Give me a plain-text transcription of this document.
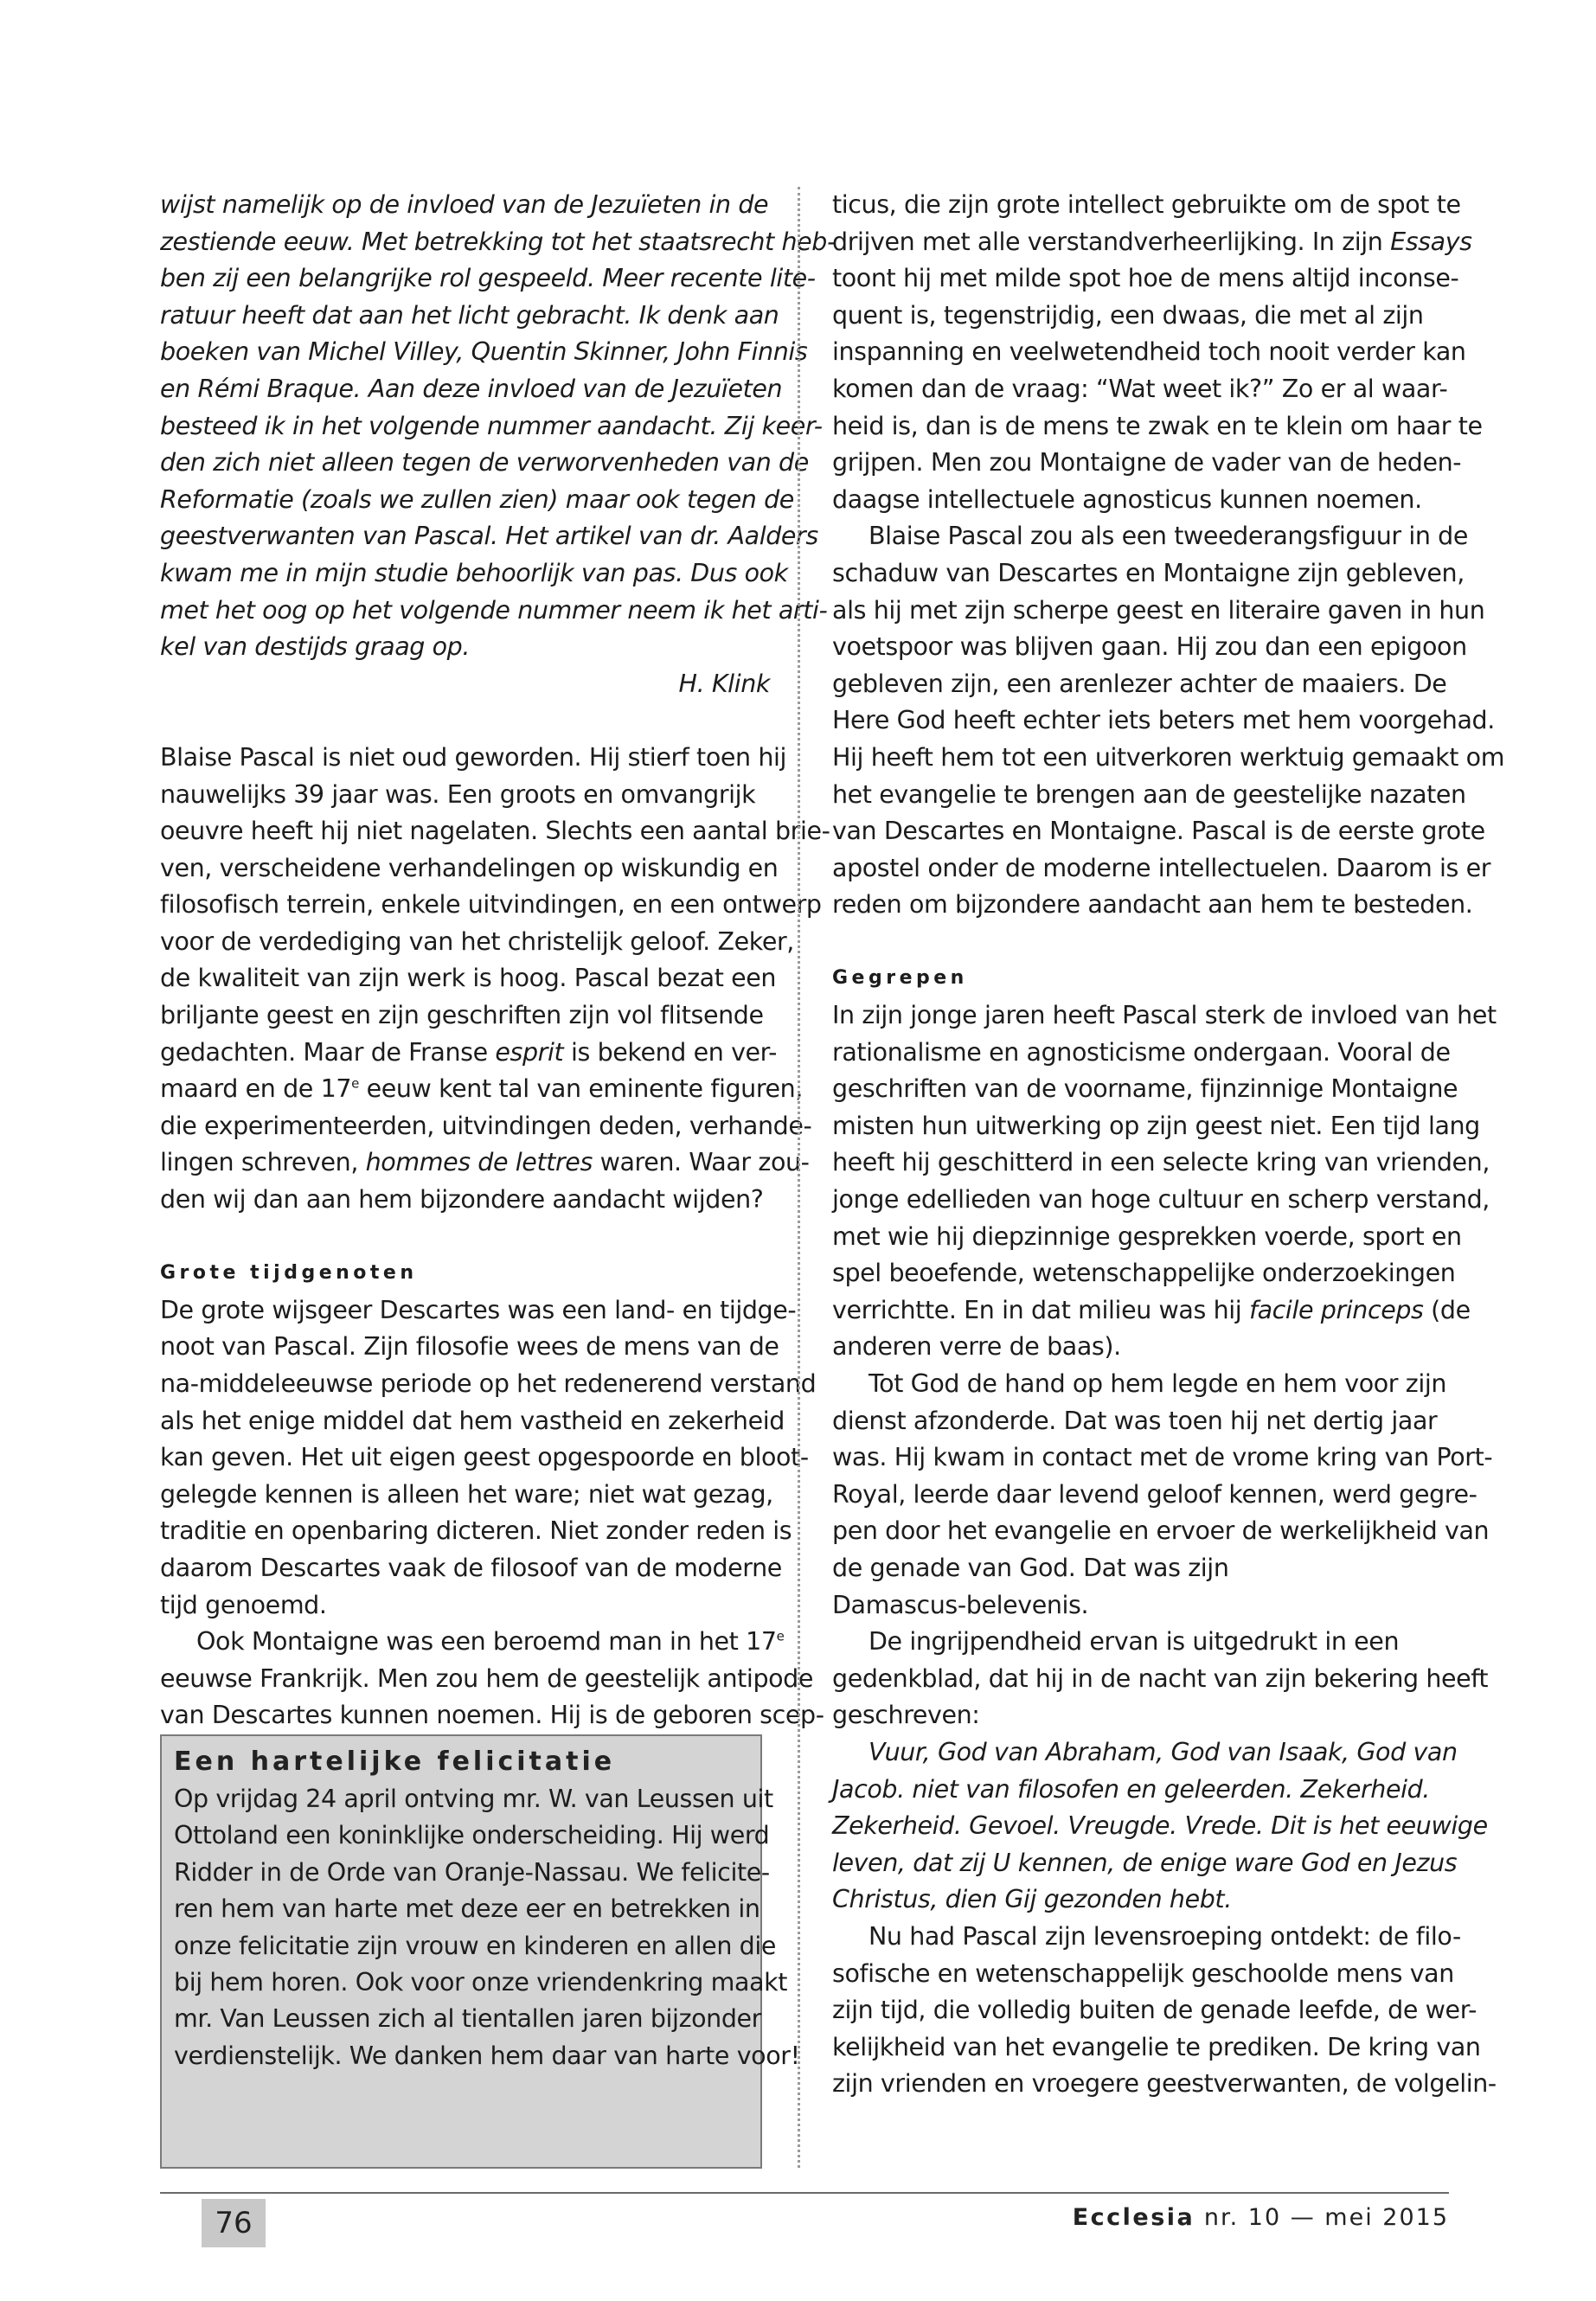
wijst namelijk op de invloed van de Jezuïeten in de
zestiende eeuw. Met betrekking tot het staatsrecht heb-
ben zij een belangrijke rol gespeeld. Meer recente lite-
ratuur heeft dat aan het licht gebracht. Ik denk aan
boeken van Michel Villey, Quentin Skinner, John Finnis
en Rémi Braque. Aan deze invloed van de Jezuïeten
besteed ik in het volgende nummer aandacht. Zij keer-
den zich niet alleen tegen de verworvenheden van de
Reformatie (zoals we zullen zien) maar ook tegen de
geestverwanten van Pascal. Het artikel van dr. Aalders
kwam me in mijn studie behoorlijk van pas. Dus ook
met het oog op het volgende nummer neem ik het arti-
kel van destijds graag op.
H. Klink
Blaise Pascal is niet oud geworden. Hij stierf toen hij
nauwelijks 39 jaar was. Een groots en omvangrijk
oeuvre heeft hij niet nagelaten. Slechts een aantal brie-
ven, verscheidene verhandelingen op wiskundig en
filosofisch terrein, enkele uitvindingen, en een ontwerp
voor de verdediging van het christelijk geloof. Zeker,
de kwaliteit van zijn werk is hoog. Pascal bezat een
briljante geest en zijn geschriften zijn vol flitsende
gedachten. Maar de Franse esprit is bekend en ver-
maard en de 17e eeuw kent tal van eminente figuren,
die experimenteerden, uitvindingen deden, verhande-
lingen schreven, hommes de lettres waren. Waar zou-
den wij dan aan hem bijzondere aandacht wijden?
Grote tijdgenoten
De grote wijsgeer Descartes was een land- en tijdge-
noot van Pascal. Zijn filosofie wees de mens van de
na-middeleeuwse periode op het redenerend verstand
als het enige middel dat hem vastheid en zekerheid
kan geven. Het uit eigen geest opgespoorde en bloot-
gelegde kennen is alleen het ware; niet wat gezag,
traditie en openbaring dicteren. Niet zonder reden is
daarom Descartes vaak de filosoof van de moderne
tijd genoemd.
Ook Montaigne was een beroemd man in het 17e
eeuwse Frankrijk. Men zou hem de geestelijk antipode
van Descartes kunnen noemen. Hij is de geboren scep-
Een hartelijke felicitatie
Op vrijdag 24 april ontving mr. W. van Leussen uit
Ottoland een koninklijke onderscheiding. Hij werd
Ridder in de Orde van Oranje-Nassau. We felicite-
ren hem van harte met deze eer en betrekken in
onze felicitatie zijn vrouw en kinderen en allen die
bij hem horen. Ook voor onze vriendenkring maakt
mr. Van Leussen zich al tientallen jaren bijzonder
verdienstelijk. We danken hem daar van harte voor!
ticus, die zijn grote intellect gebruikte om de spot te
drijven met alle verstandverheerlijking. In zijn Essays
toont hij met milde spot hoe de mens altijd inconse-
quent is, tegenstrijdig, een dwaas, die met al zijn
inspanning en veelwetendheid toch nooit verder kan
komen dan de vraag: “Wat weet ik?” Zo er al waar-
heid is, dan is de mens te zwak en te klein om haar te
grijpen. Men zou Montaigne de vader van de heden-
daagse intellectuele agnosticus kunnen noemen.
Blaise Pascal zou als een tweederangsfiguur in de
schaduw van Descartes en Montaigne zijn gebleven,
als hij met zijn scherpe geest en literaire gaven in hun
voetspoor was blijven gaan. Hij zou dan een epigoon
gebleven zijn, een arenlezer achter de maaiers. De
Here God heeft echter iets beters met hem voorgehad.
Hij heeft hem tot een uitverkoren werktuig gemaakt om
het evangelie te brengen aan de geestelijke nazaten
van Descartes en Montaigne. Pascal is de eerste grote
apostel onder de moderne intellectuelen. Daarom is er
reden om bijzondere aandacht aan hem te besteden.
Gegrepen
In zijn jonge jaren heeft Pascal sterk de invloed van het
rationalisme en agnosticisme ondergaan. Vooral de
geschriften van de voorname, fijnzinnige Montaigne
misten hun uitwerking op zijn geest niet. Een tijd lang
heeft hij geschitterd in een selecte kring van vrienden,
jonge edellieden van hoge cultuur en scherp verstand,
met wie hij diepzinnige gesprekken voerde, sport en
spel beoefende, wetenschappelijke onderzoekingen
verrichtte. En in dat milieu was hij facile princeps (de
anderen verre de baas).
Tot God de hand op hem legde en hem voor zijn
dienst afzonderde. Dat was toen hij net dertig jaar
was. Hij kwam in contact met de vrome kring van Port-
Royal, leerde daar levend geloof kennen, werd gegre-
pen door het evangelie en ervoer de werkelijkheid van
de genade van God. Dat was zijn
Damascus-belevenis.
De ingrijpendheid ervan is uitgedrukt in een
gedenkblad, dat hij in de nacht van zijn bekering heeft
geschreven:
Vuur, God van Abraham, God van Isaak, God van
Jacob. niet van filosofen en geleerden. Zekerheid.
Zekerheid. Gevoel. Vreugde. Vrede. Dit is het eeuwige
leven, dat zij U kennen, de enige ware God en Jezus
Christus, dien Gij gezonden hebt.
Nu had Pascal zijn levensroeping ontdekt: de filo-
sofische en wetenschappelijk geschoolde mens van
zijn tijd, die volledig buiten de genade leefde, de wer-
kelijkheid van het evangelie te prediken. De kring van
zijn vrienden en vroegere geestverwanten, de volgelin-
76	Ecclesia nr. 10 — mei 2015
